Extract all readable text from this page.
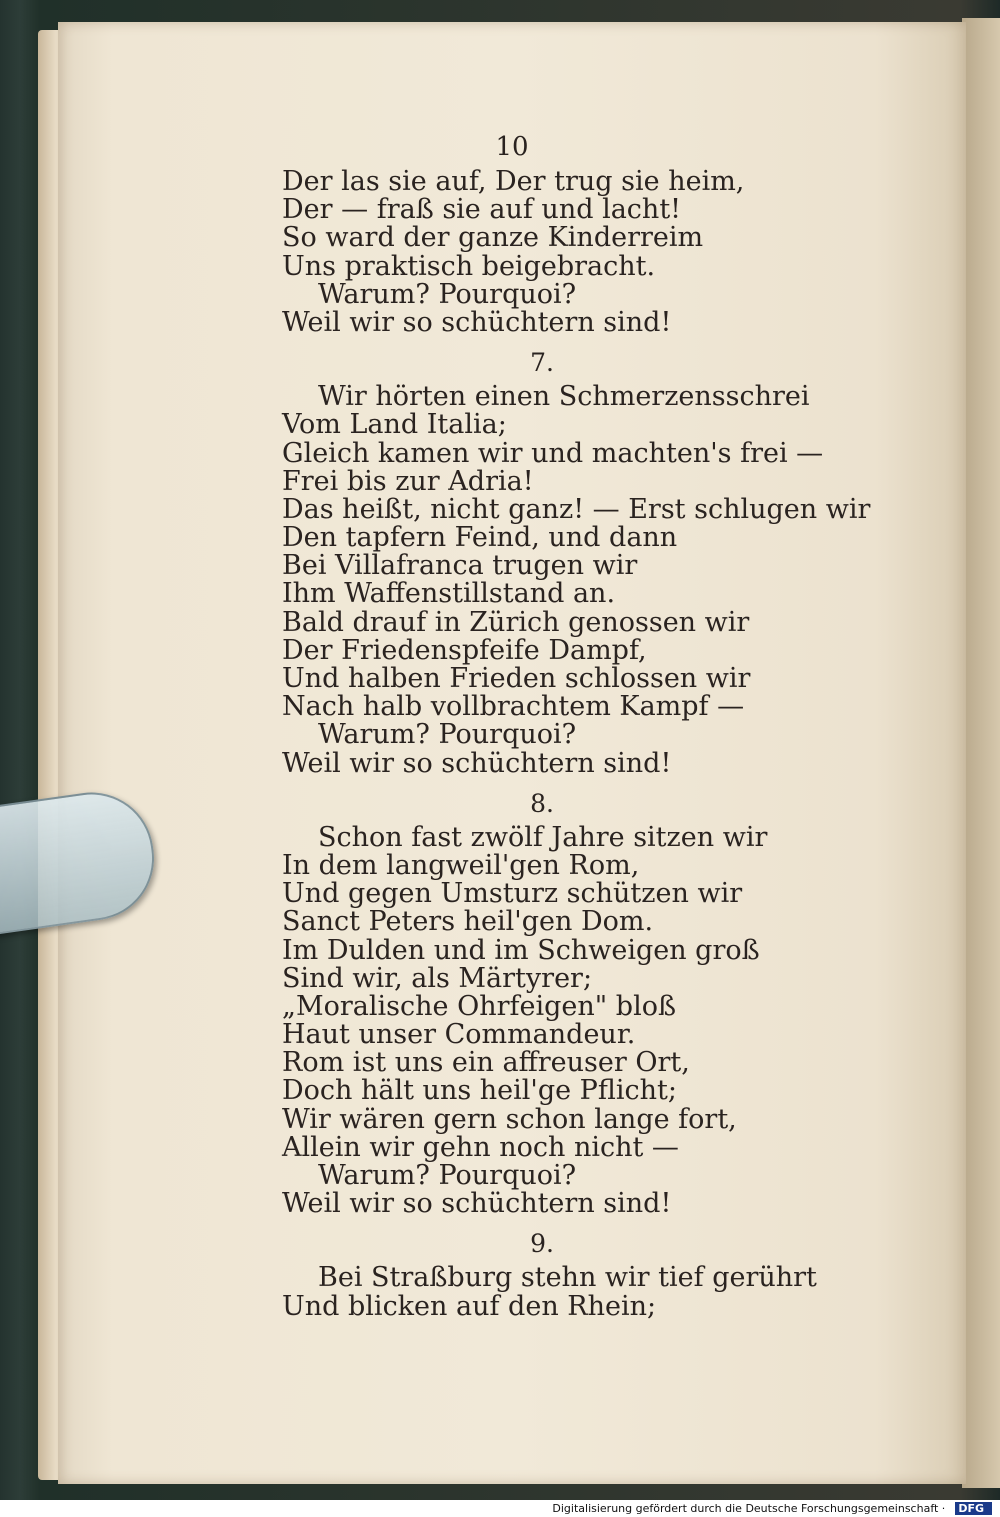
10
Der las sie auf, Der trug sie heim,
Der — fraß sie auf und lacht!
So ward der ganze Kinderreim
Uns praktisch beigebracht.
Warum? Pourquoi?
Weil wir so schüchtern sind!
7.
Wir hörten einen Schmerzensschrei
Vom Land Italia;
Gleich kamen wir und machten's frei —
Frei bis zur Adria!
Das heißt, nicht ganz! — Erst schlugen wir
Den tapfern Feind, und dann
Bei Villafranca trugen wir
Ihm Waffenstillstand an.
Bald drauf in Zürich genossen wir
Der Friedenspfeife Dampf,
Und halben Frieden schlossen wir
Nach halb vollbrachtem Kampf —
Warum? Pourquoi?
Weil wir so schüchtern sind!
8.
Schon fast zwölf Jahre sitzen wir
In dem langweil'gen Rom,
Und gegen Umsturz schützen wir
Sanct Peters heil'gen Dom.
Im Dulden und im Schweigen groß
Sind wir, als Märtyrer;
„Moralische Ohrfeigen" bloß
Haut unser Commandeur.
Rom ist uns ein affreuser Ort,
Doch hält uns heil'ge Pflicht;
Wir wären gern schon lange fort,
Allein wir gehn noch nicht —
Warum? Pourquoi?
Weil wir so schüchtern sind!
9.
Bei Straßburg stehn wir tief gerührt
Und blicken auf den Rhein;
Digitalisierung gefördert durch die Deutsche Forschungsgemeinschaft · DFG
